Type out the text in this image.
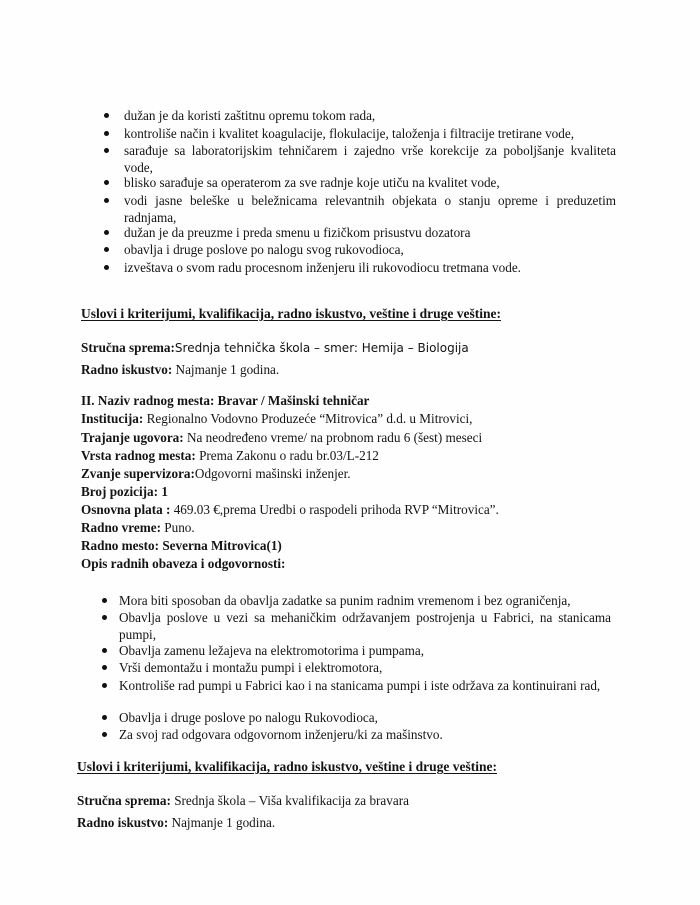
dužan je da koristi zaštitnu opremu tokom rada,
kontroliše način i kvalitet koagulacije, flokulacije, taloženja i filtracije tretirane vode,
sarađuje sa laboratorijskim tehničarem i zajedno vrše korekcije za poboljšanje kvaliteta vode,
blisko sarađuje sa operaterom za sve radnje koje utiču na kvalitet vode,
vodi jasne beleške u beležnicama relevantnih objekata o stanju opreme i preduzetim radnjama,
dužan je da preuzme i preda smenu u fizičkom prisustvu dozatora
obavlja i druge poslove po nalogu svog rukovodioca,
izveštava o svom radu procesnom inženjeru ili rukovodiocu tretmana vode.
Uslovi i kriterijumi, kvalifikacija, radno iskustvo, veštine i druge veštine:
Stručna sprema:Srednja tehnička škola – smer: Hemija – Biologija
Radno iskustvo: Najmanje 1 godina.
II. Naziv radnog mesta: Bravar / Mašinski tehničar
Institucija: Regionalno Vodovno Produzeće “Mitrovica” d.d. u Mitrovici,
Trajanje ugovora: Na neodređeno vreme/ na probnom radu 6 (šest) meseci
Vrsta radnog mesta: Prema Zakonu o radu br.03/L-212
Zvanje supervizora:Odgovorni mašinski inženjer.
Broj pozicija: 1
Osnovna plata : 469.03 €,prema Uredbi o raspodeli prihoda RVP “Mitrovica”.
Radno vreme: Puno.
Radno mesto: Severna Mitrovica(1)
Opis radnih obaveza i odgovornosti:
Mora biti sposoban da obavlja zadatke sa punim radnim vremenom i bez ograničenja,
Obavlja poslove u vezi sa mehaničkim održavanjem postrojenja u Fabrici, na stanicama pumpi,
Obavlja zamenu ležajeva na elektromotorima i pumpama,
Vrši demontažu i montažu pumpi i elektromotora,
Kontroliše rad pumpi u Fabrici kao i na stanicama pumpi i iste održava za kontinuirani rad,
Obavlja i druge poslove po nalogu Rukovodioca,
Za svoj rad odgovara odgovornom inženjeru/ki za mašinstvo.
Uslovi i kriterijumi, kvalifikacija, radno iskustvo, veštine i druge veštine:
Stručna sprema: Srednja škola – Viša kvalifikacija za bravara
Radno iskustvo: Najmanje 1 godina.
